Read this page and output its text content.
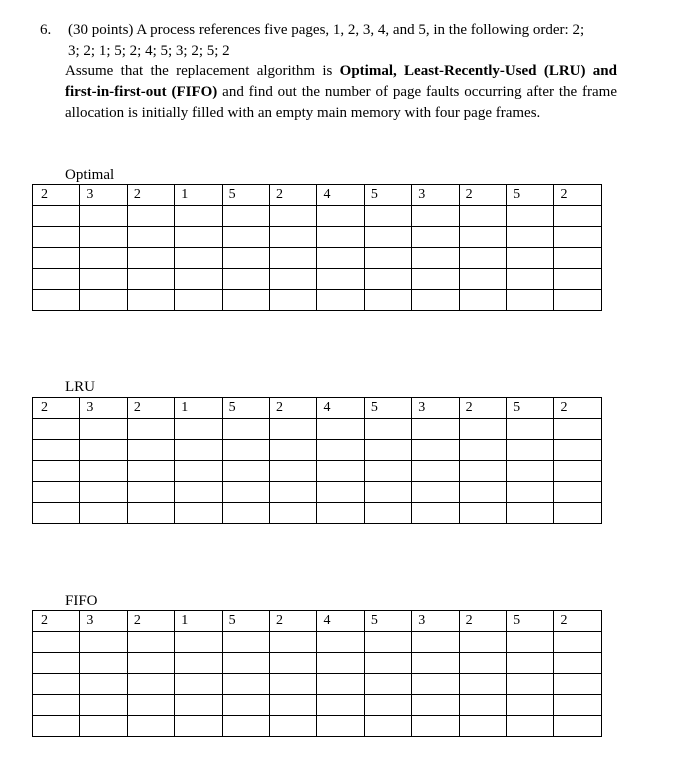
6. (30 points) A process references five pages, 1, 2, 3, 4, and 5, in the following order: 2;
3; 2; 1; 5; 2; 4; 5; 3; 2; 5; 2
Assume that the replacement algorithm is Optimal, Least-Recently-Used (LRU) and first-in-first-out (FIFO) and find out the number of page faults occurring after the frame allocation is initially filled with an empty main memory with four page frames.
Optimal
2	3	2	1	5	2	4	5	3	2	5	2

LRU
2	3	2	1	5	2	4	5	3	2	5	2

FIFO
2	3	2	1	5	2	4	5	3	2	5	2
